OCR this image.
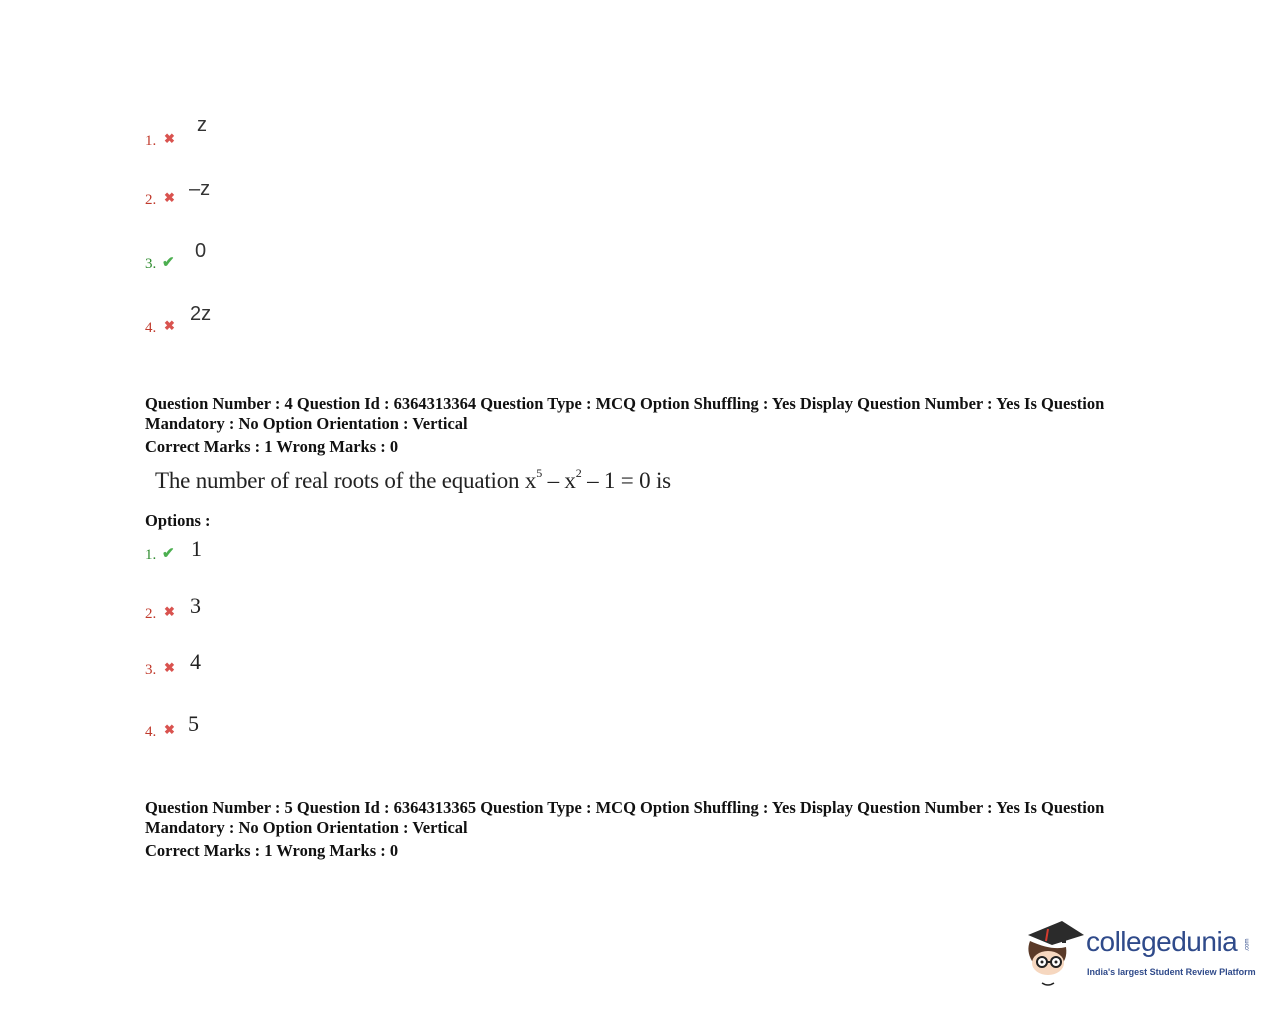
1. ✖
z
2. ✖ –z
3. ✔
0
4. ✖
2z
Question Number : 4 Question Id : 6364313364 Question Type : MCQ Option Shuffling : Yes Display Question Number : Yes Is Question
Mandatory : No Option Orientation : Vertical
Correct Marks : 1 Wrong Marks : 0
The number of real roots of the equation $x^5 - x^2 - 1 = 0$ is
Options :
1. ✔ 1
2. ✖ 3
3. ✖ 4
4. ✖ 5
Question Number : 5 Question Id : 6364313365 Question Type : MCQ Option Shuffling : Yes Display Question Number : Yes Is Question
Mandatory : No Option Orientation : Vertical
Correct Marks : 1 Wrong Marks : 0
collegedunia .com
India's largest Student Review Platform
